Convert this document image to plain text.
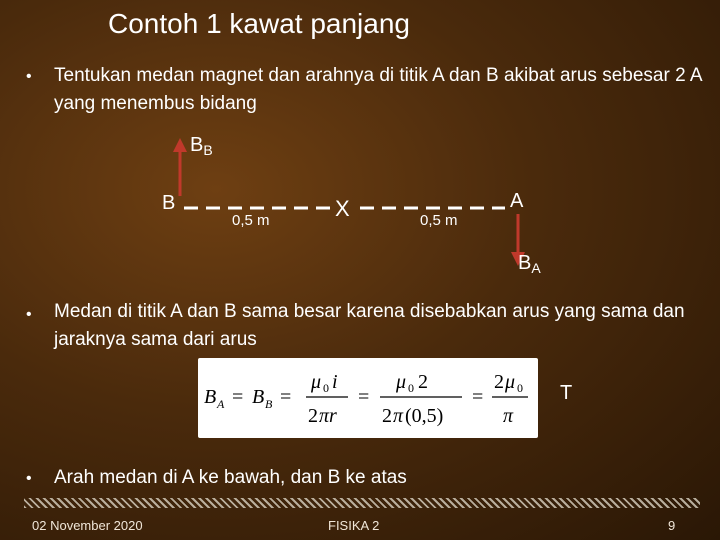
Contoh 1 kawat panjang
• Tentukan medan magnet dan arahnya di titik A dan B akibat arus sebesar 2 A yang menembus bidang
$B_B$
B
0,5 m	X	0,5 m
A
$B_A$
• Medan di titik A dan B sama besar karena disebabkan arus yang sama dan jaraknya sama dari arus
B A = B B =
μ 0 i
2 πr
=
μ 0 2
2 π (0,5)
=
2 μ 0
π
T
• Arah medan di A ke bawah, dan B ke atas
02 November 2020	FISIKA 2	9
